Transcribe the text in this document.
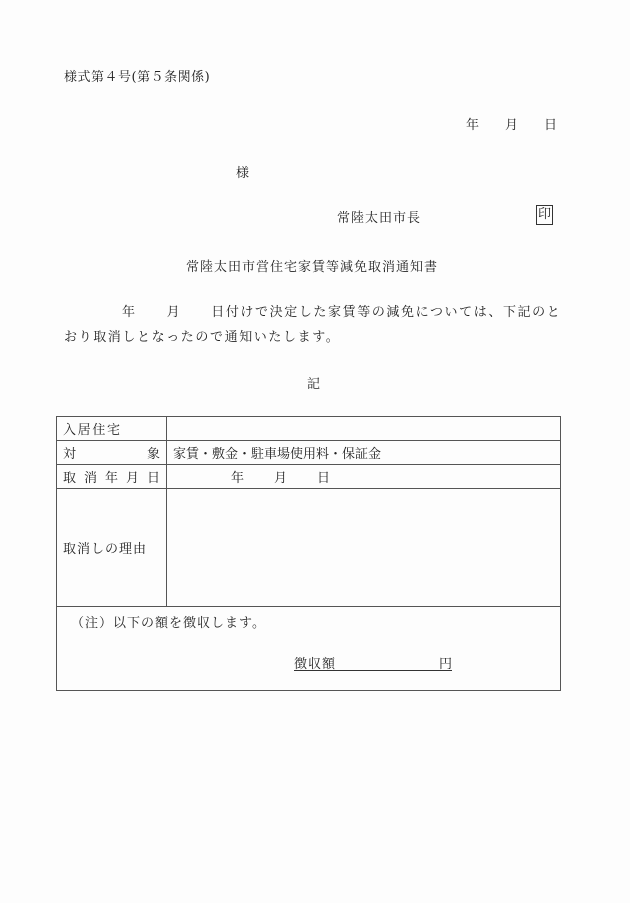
様式第４号(第５条関係)
年 月 日
様
常陸太田市長	印
常陸太田市営住宅家賃等減免取消通知書
年 月 日付けで決定した家賃等の減免については、下記のとおり取消しとなったので通知いたします。
記
入 居 住 宅	

対 象	家賃・敷金・駐車場使用料・保証金

取 消 年 月 日	年 月 日
取消しの理由	

（注）以下の額を徴収します。
徴収額 円	
